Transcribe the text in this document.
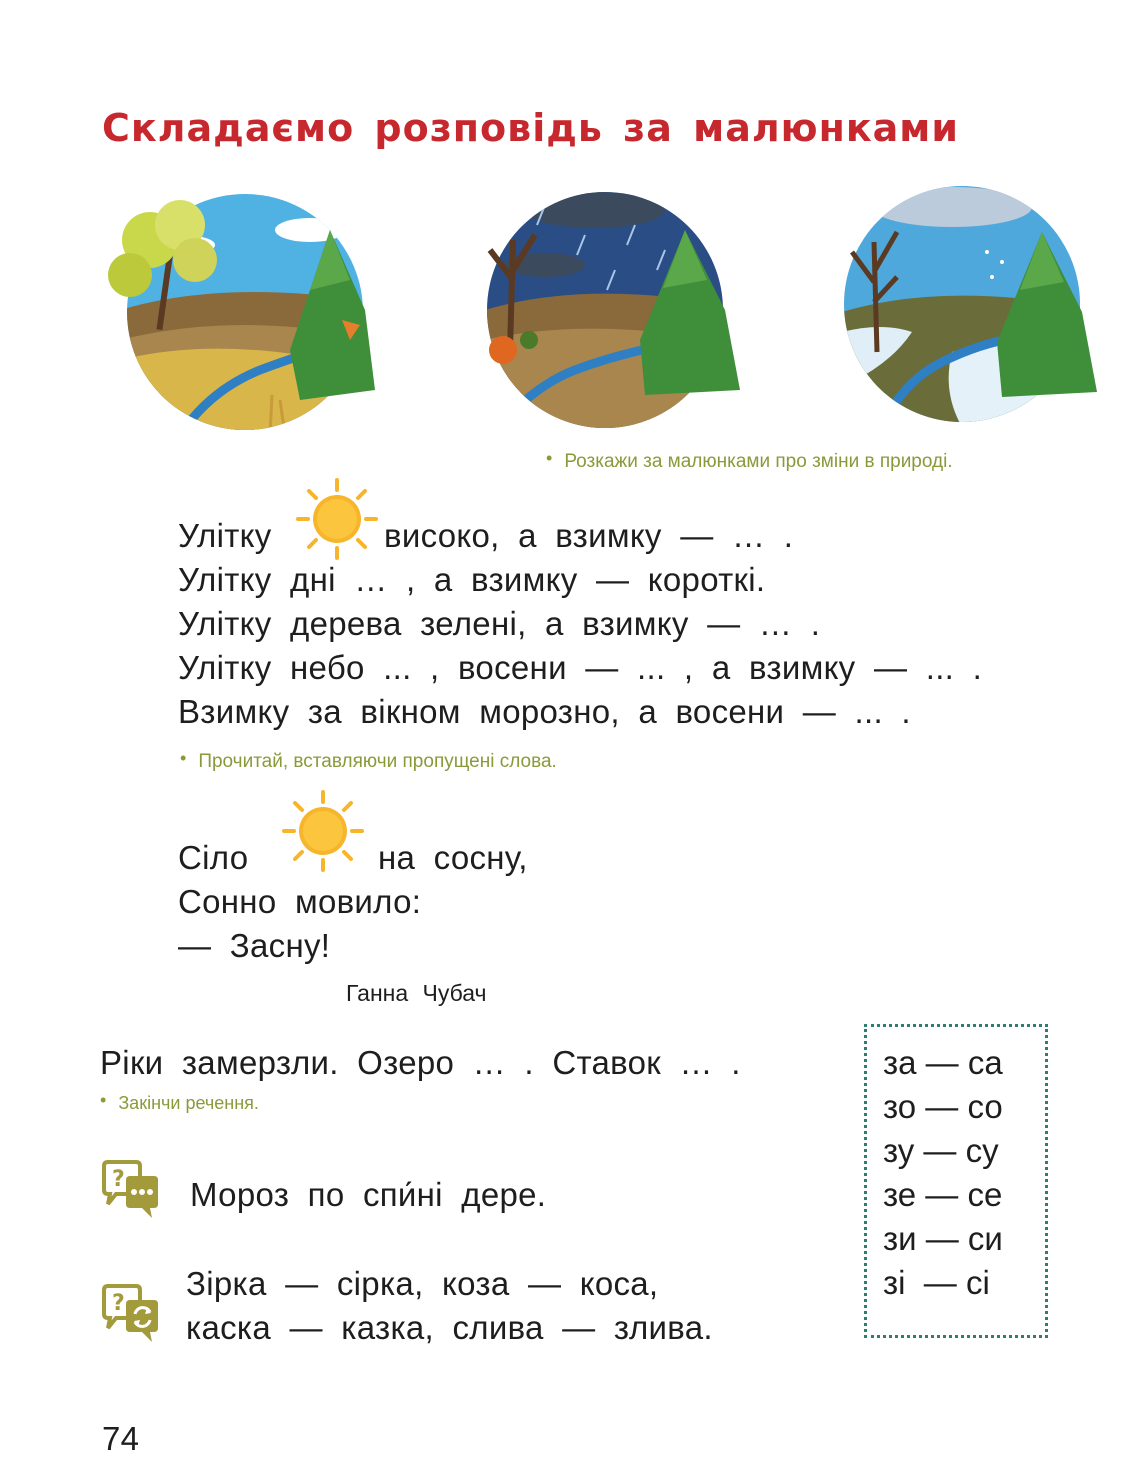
Складаємо розповідь за малюнками
• Розкажи за малюнками про зміни в природі.
Улітку	високо, а взимку — … .
Улітку дні … , а взимку — короткі.
Улітку дерева зелені, а взимку — … .
Улітку небо ... , восени — ... , а взимку — ... .
Взимку за вікном морозно, а восени — ... .
• Прочитай, вставляючи пропущені слова.
Сіло	на сосну,
Сонно мовило:
— Засну!
Ганна Чубач
Ріки замерзли. Озеро … . Ставок … .
• Закінчи речення.
? Мороз по спи́ні дере.
?
Зірка — сірка, коза — коса,
каска — казка, слива — злива.
за — са
зо — со
зу — су
зе — се
зи — си
зі  — сі
74
